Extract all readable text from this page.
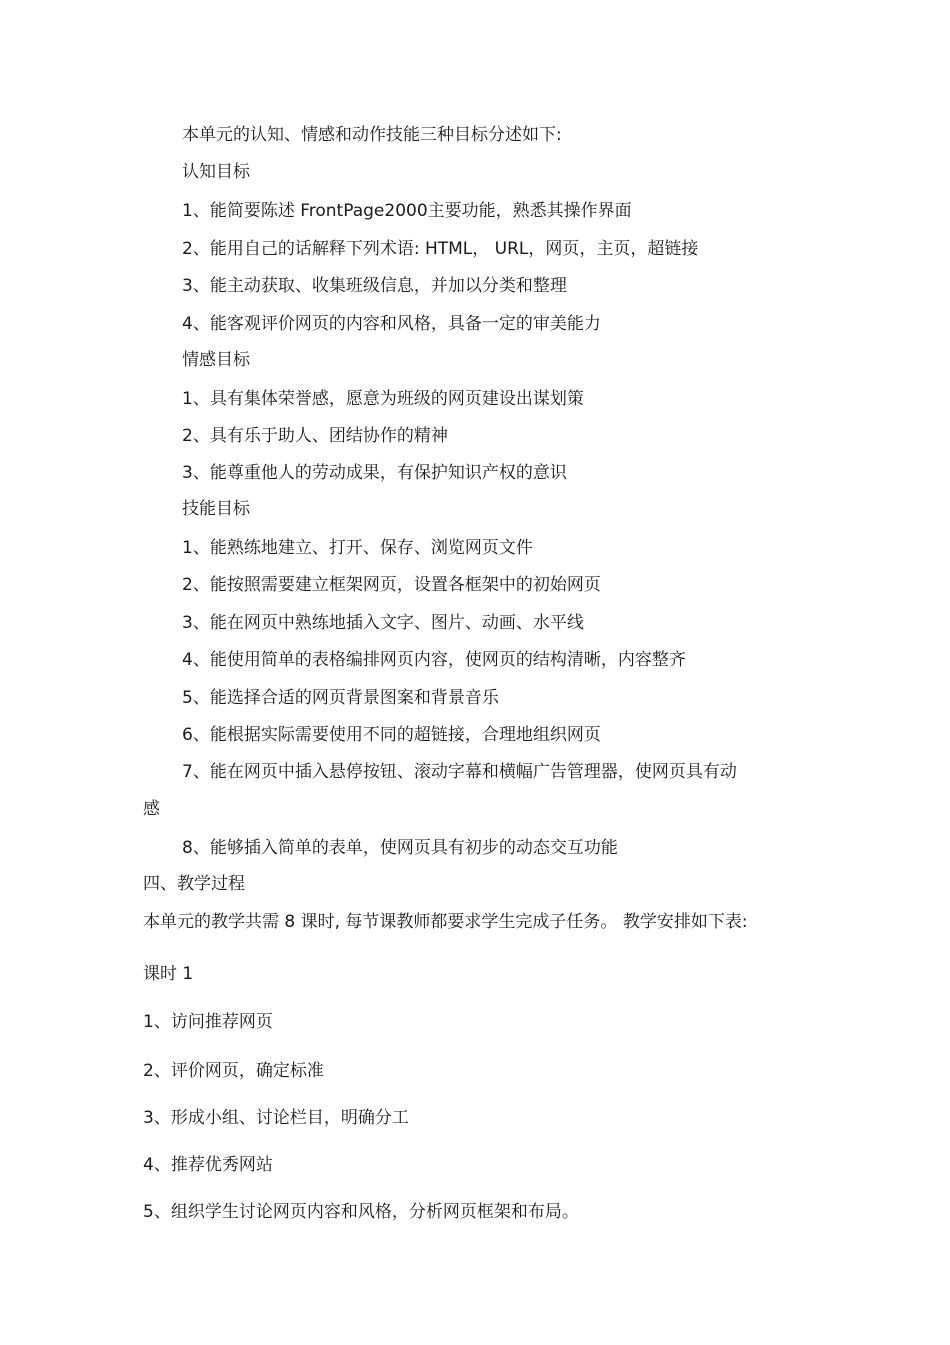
本单元的认知、情感和动作技能三种目标分述如下:
认知目标
1、能简要陈述 FrontPage2000主要功能，熟悉其操作界面
2、能用自己的话解释下列术语: HTML， URL，网页，主页，超链接
3、能主动获取、收集班级信息，并加以分类和整理
4、能客观评价网页的内容和风格，具备一定的审美能力
情感目标
1、具有集体荣誉感，愿意为班级的网页建设出谋划策
2、具有乐于助人、团结协作的精神
3、能尊重他人的劳动成果，有保护知识产权的意识
技能目标
1、能熟练地建立、打开、保存、浏览网页文件
2、能按照需要建立框架网页，设置各框架中的初始网页
3、能在网页中熟练地插入文字、图片、动画、水平线
4、能使用简单的表格编排网页内容，使网页的结构清晰，内容整齐
5、能选择合适的网页背景图案和背景音乐
6、能根据实际需要使用不同的超链接，合理地组织网页
7、能在网页中插入悬停按钮、滚动字幕和横幅广告管理器，使网页具有动
感
8、能够插入简单的表单，使网页具有初步的动态交互功能
四、教学过程
本单元的教学共需 8 课时, 每节课教师都要求学生完成子任务。 教学安排如下表:
课时 1
1、访问推荐网页
2、评价网页，确定标准
3、形成小组、讨论栏目，明确分工
4、推荐优秀网站
5、组织学生讨论网页内容和风格，分析网页框架和布局。
